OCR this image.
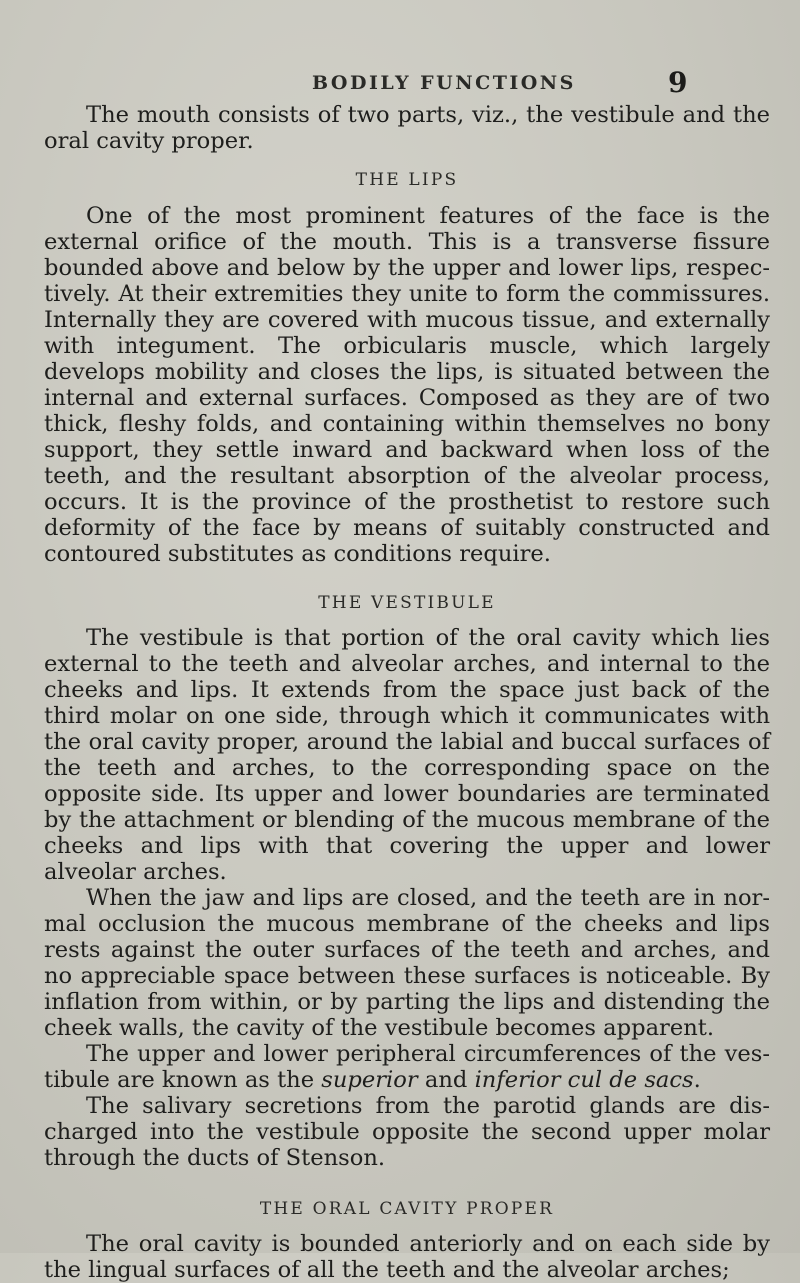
BODILY FUNCTIONS	9

The mouth consists of two parts, viz., the vestibule and the oral cavity proper.

THE LIPS

One of the most prominent features of the face is the external orifice of the mouth. This is a transverse fissure bounded above and below by the upper and lower lips, respectively. At their extremities they unite to form the commissures. Internally they are covered with mucous tissue, and externally with integument. The orbicularis muscle, which largely develops mobility and closes the lips, is situated between the internal and external surfaces. Composed as they are of two thick, fleshy folds, and containing within themselves no bony support, they settle inward and backward when loss of the teeth, and the resultant absorption of the alveolar process, occurs. It is the province of the prosthetist to restore such deformity of the face by means of suitably constructed and contoured substitutes as conditions require.

THE VESTIBULE

The vestibule is that portion of the oral cavity which lies external to the teeth and alveolar arches, and internal to the cheeks and lips. It extends from the space just back of the third molar on one side, through which it communicates with the oral cavity proper, around the labial and buccal surfaces of the teeth and arches, to the corresponding space on the opposite side. Its upper and lower boundaries are terminated by the attachment or blending of the mucous membrane of the cheeks and lips with that covering the upper and lower alveolar arches.

When the jaw and lips are closed, and the teeth are in normal occlusion the mucous membrane of the cheeks and lips rests against the outer surfaces of the teeth and arches, and no appreciable space between these surfaces is noticeable. By inflation from within, or by parting the lips and distending the cheek walls, the cavity of the vestibule becomes apparent.

The upper and lower peripheral circumferences of the vestibule are known as the superior and inferior cul de sacs.

The salivary secretions from the parotid glands are discharged into the vestibule opposite the second upper molar through the ducts of Stenson.

THE ORAL CAVITY PROPER

The oral cavity is bounded anteriorly and on each side by the lingual surfaces of all the teeth and the alveolar arches;
